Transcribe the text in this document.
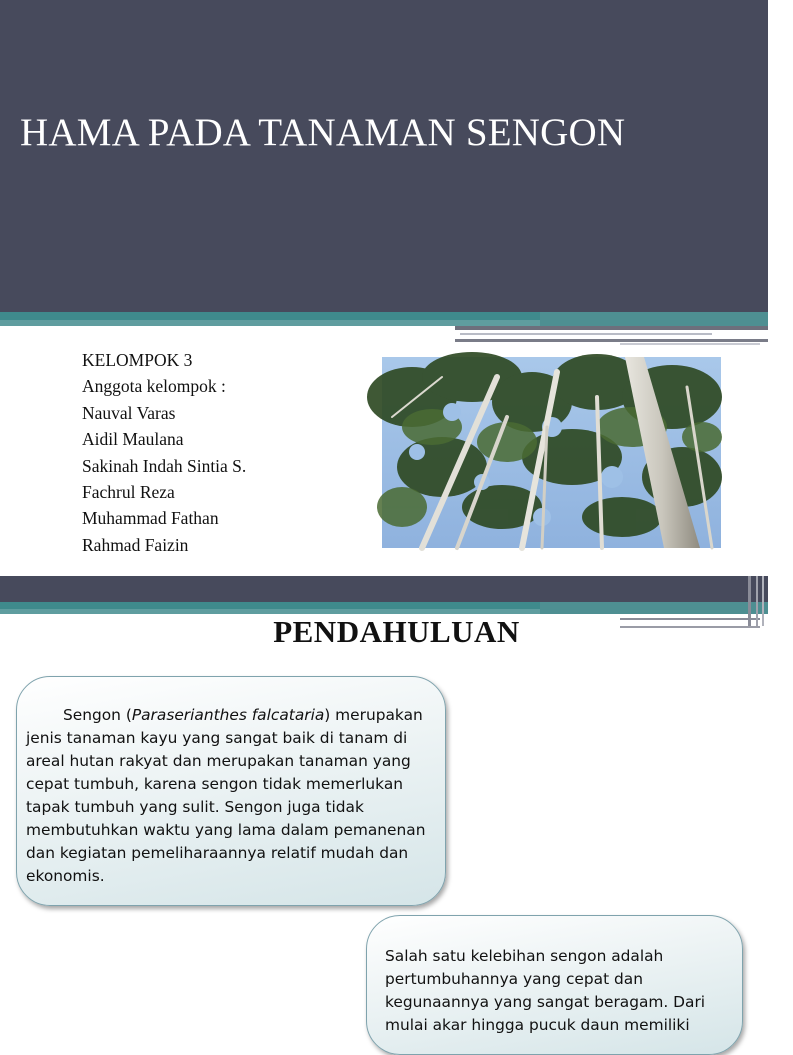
HAMA PADA TANAMAN SENGON
KELOMPOK 3
Anggota kelompok :
Nauval Varas
Aidil Maulana
Sakinah Indah Sintia S.
Fachrul Reza
Muhammad Fathan
Rahmad Faizin
PENDAHULUAN
Sengon (Paraserianthes falcataria) merupakan jenis tanaman kayu yang sangat baik di tanam di areal hutan rakyat dan merupakan tanaman yang cepat tumbuh, karena sengon tidak memerlukan tapak tumbuh yang sulit. Sengon juga tidak membutuhkan waktu yang lama dalam pemanenan dan kegiatan pemeliharaannya relatif mudah dan ekonomis.
Salah satu kelebihan sengon adalah pertumbuhannya yang cepat dan kegunaannya yang sangat beragam. Dari mulai akar hingga pucuk daun memiliki
